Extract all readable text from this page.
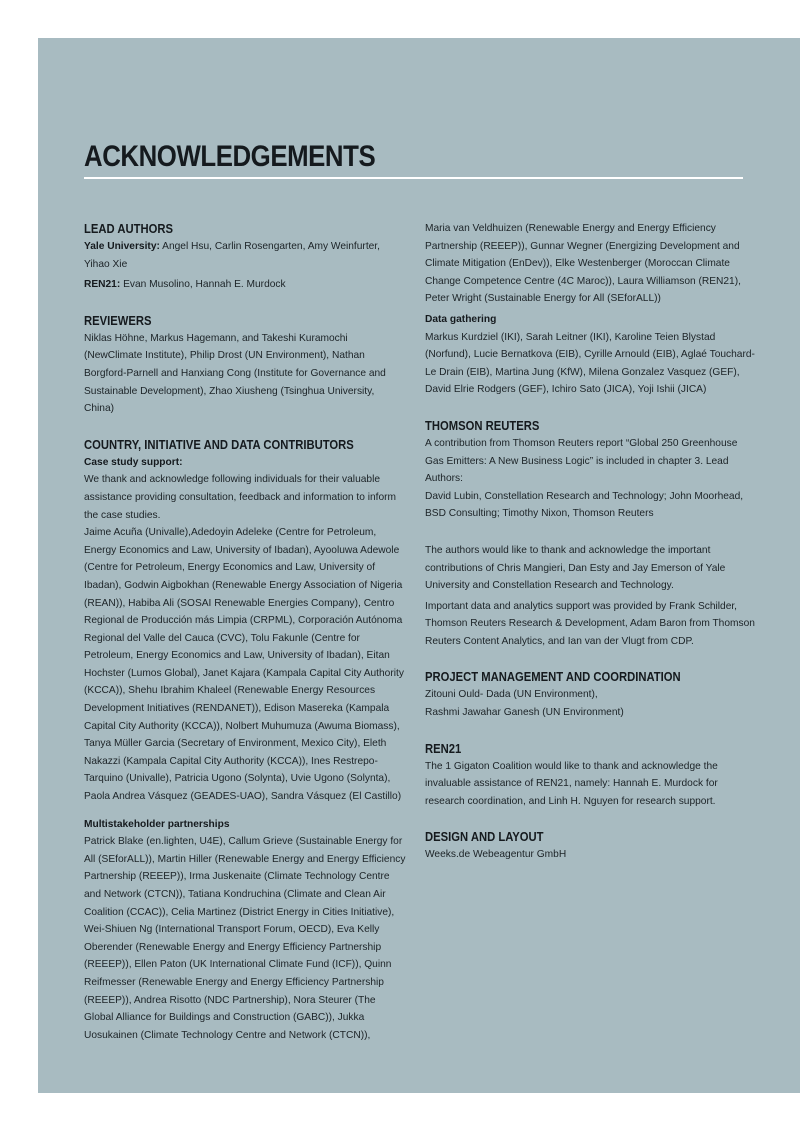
ACKNOWLEDGEMENTS
LEAD AUTHORS

Yale University: Angel Hsu, Carlin Rosengarten, Amy Weinfurter, Yihao Xie

REN21: Evan Musolino, Hannah E. Murdock

REVIEWERS

Niklas Höhne, Markus Hagemann, and Takeshi Kuramochi (NewClimate Institute), Philip Drost (UN Environment), Nathan Borgford-Parnell and Hanxiang Cong (Institute for Governance and Sustainable Development), Zhao Xiusheng (Tsinghua University, China)

COUNTRY, INITIATIVE AND DATA CONTRIBUTORS

Case study support:

We thank and acknowledge following individuals for their valuable assistance providing consultation, feedback and information to inform the case studies.

Jaime Acuña (Univalle),Adedoyin Adeleke (Centre for Petroleum, Energy Economics and Law, University of Ibadan), Ayooluwa Adewole (Centre for Petroleum, Energy Economics and Law, University of Ibadan), Godwin Aigbokhan (Renewable Energy Association of Nigeria (REAN)), Habiba Ali (SOSAI Renewable Energies Company), Centro Regional de Producción más Limpia (CRPML), Corporación Autónoma Regional del Valle del Cauca (CVC), Tolu Fakunle (Centre for Petroleum, Energy Economics and Law, University of Ibadan), Eitan Hochster (Lumos Global), Janet Kajara (Kampala Capital City Authority (KCCA)), Shehu Ibrahim Khaleel (Renewable Energy Resources Development Initiatives (RENDANET)), Edison Masereka (Kampala Capital City Authority (KCCA)), Nolbert Muhumuza (Awuma Biomass), Tanya Müller Garcia (Secretary of Environment, Mexico City), Eleth Nakazzi (Kampala Capital City Authority (KCCA)), Ines Restrepo-Tarquino (Univalle), Patricia Ugono (Solynta), Uvie Ugono (Solynta), Paola Andrea Vásquez (GEADES-UAO), Sandra Vásquez (El Castillo)

Multistakeholder partnerships

Patrick Blake (en.lighten, U4E), Callum Grieve (Sustainable Energy for All (SEforALL)), Martin Hiller (Renewable Energy and Energy Efficiency Partnership (REEEP)), Irma Juskenaite (Climate Technology Centre and Network (CTCN)), Tatiana Kondruchina (Climate and Clean Air Coalition (CCAC)), Celia Martinez (District Energy in Cities Initiative), Wei-Shiuen Ng (International Transport Forum, OECD), Eva Kelly Oberender (Renewable Energy and Energy Efficiency Partnership (REEEP)), Ellen Paton (UK International Climate Fund (ICF)), Quinn Reifmesser (Renewable Energy and Energy Efficiency Partnership (REEEP)), Andrea Risotto (NDC Partnership), Nora Steurer (The Global Alliance for Buildings and Construction (GABC)), Jukka Uosukainen (Climate Technology Centre and Network (CTCN)),

Maria van Veldhuizen (Renewable Energy and Energy Efficiency Partnership (REEEP)), Gunnar Wegner (Energizing Development and Climate Mitigation (EnDev)), Elke Westenberger (Moroccan Climate Change Competence Centre (4C Maroc)), Laura Williamson (REN21), Peter Wright (Sustainable Energy for All (SEforALL))

Data gathering

Markus Kurdziel (IKI), Sarah Leitner (IKI), Karoline Teien Blystad (Norfund), Lucie Bernatkova (EIB), Cyrille Arnould (EIB), Aglaé Touchard-Le Drain (EIB), Martina Jung (KfW), Milena Gonzalez Vasquez (GEF), David Elrie Rodgers (GEF), Ichiro Sato (JICA), Yoji Ishii (JICA)

THOMSON REUTERS

A contribution from Thomson Reuters report “Global 250 Greenhouse Gas Emitters: A New Business Logic” is included in chapter 3. Lead Authors:

David Lubin, Constellation Research and Technology; John Moorhead, BSD Consulting; Timothy Nixon, Thomson Reuters

The authors would like to thank and acknowledge the important contributions of Chris Mangieri, Dan Esty and Jay Emerson of Yale University and Constellation Research and Technology.

Important data and analytics support was provided by Frank Schilder, Thomson Reuters Research & Development, Adam Baron from Thomson Reuters Content Analytics, and Ian van der Vlugt from CDP.

PROJECT MANAGEMENT AND COORDINATION

Zitouni Ould- Dada (UN Environment),

Rashmi Jawahar Ganesh (UN Environment)

REN21

The 1 Gigaton Coalition would like to thank and acknowledge the invaluable assistance of REN21, namely: Hannah E. Murdock for research coordination, and Linh H. Nguyen for research support.

DESIGN AND LAYOUT

Weeks.de Webeagentur GmbH
